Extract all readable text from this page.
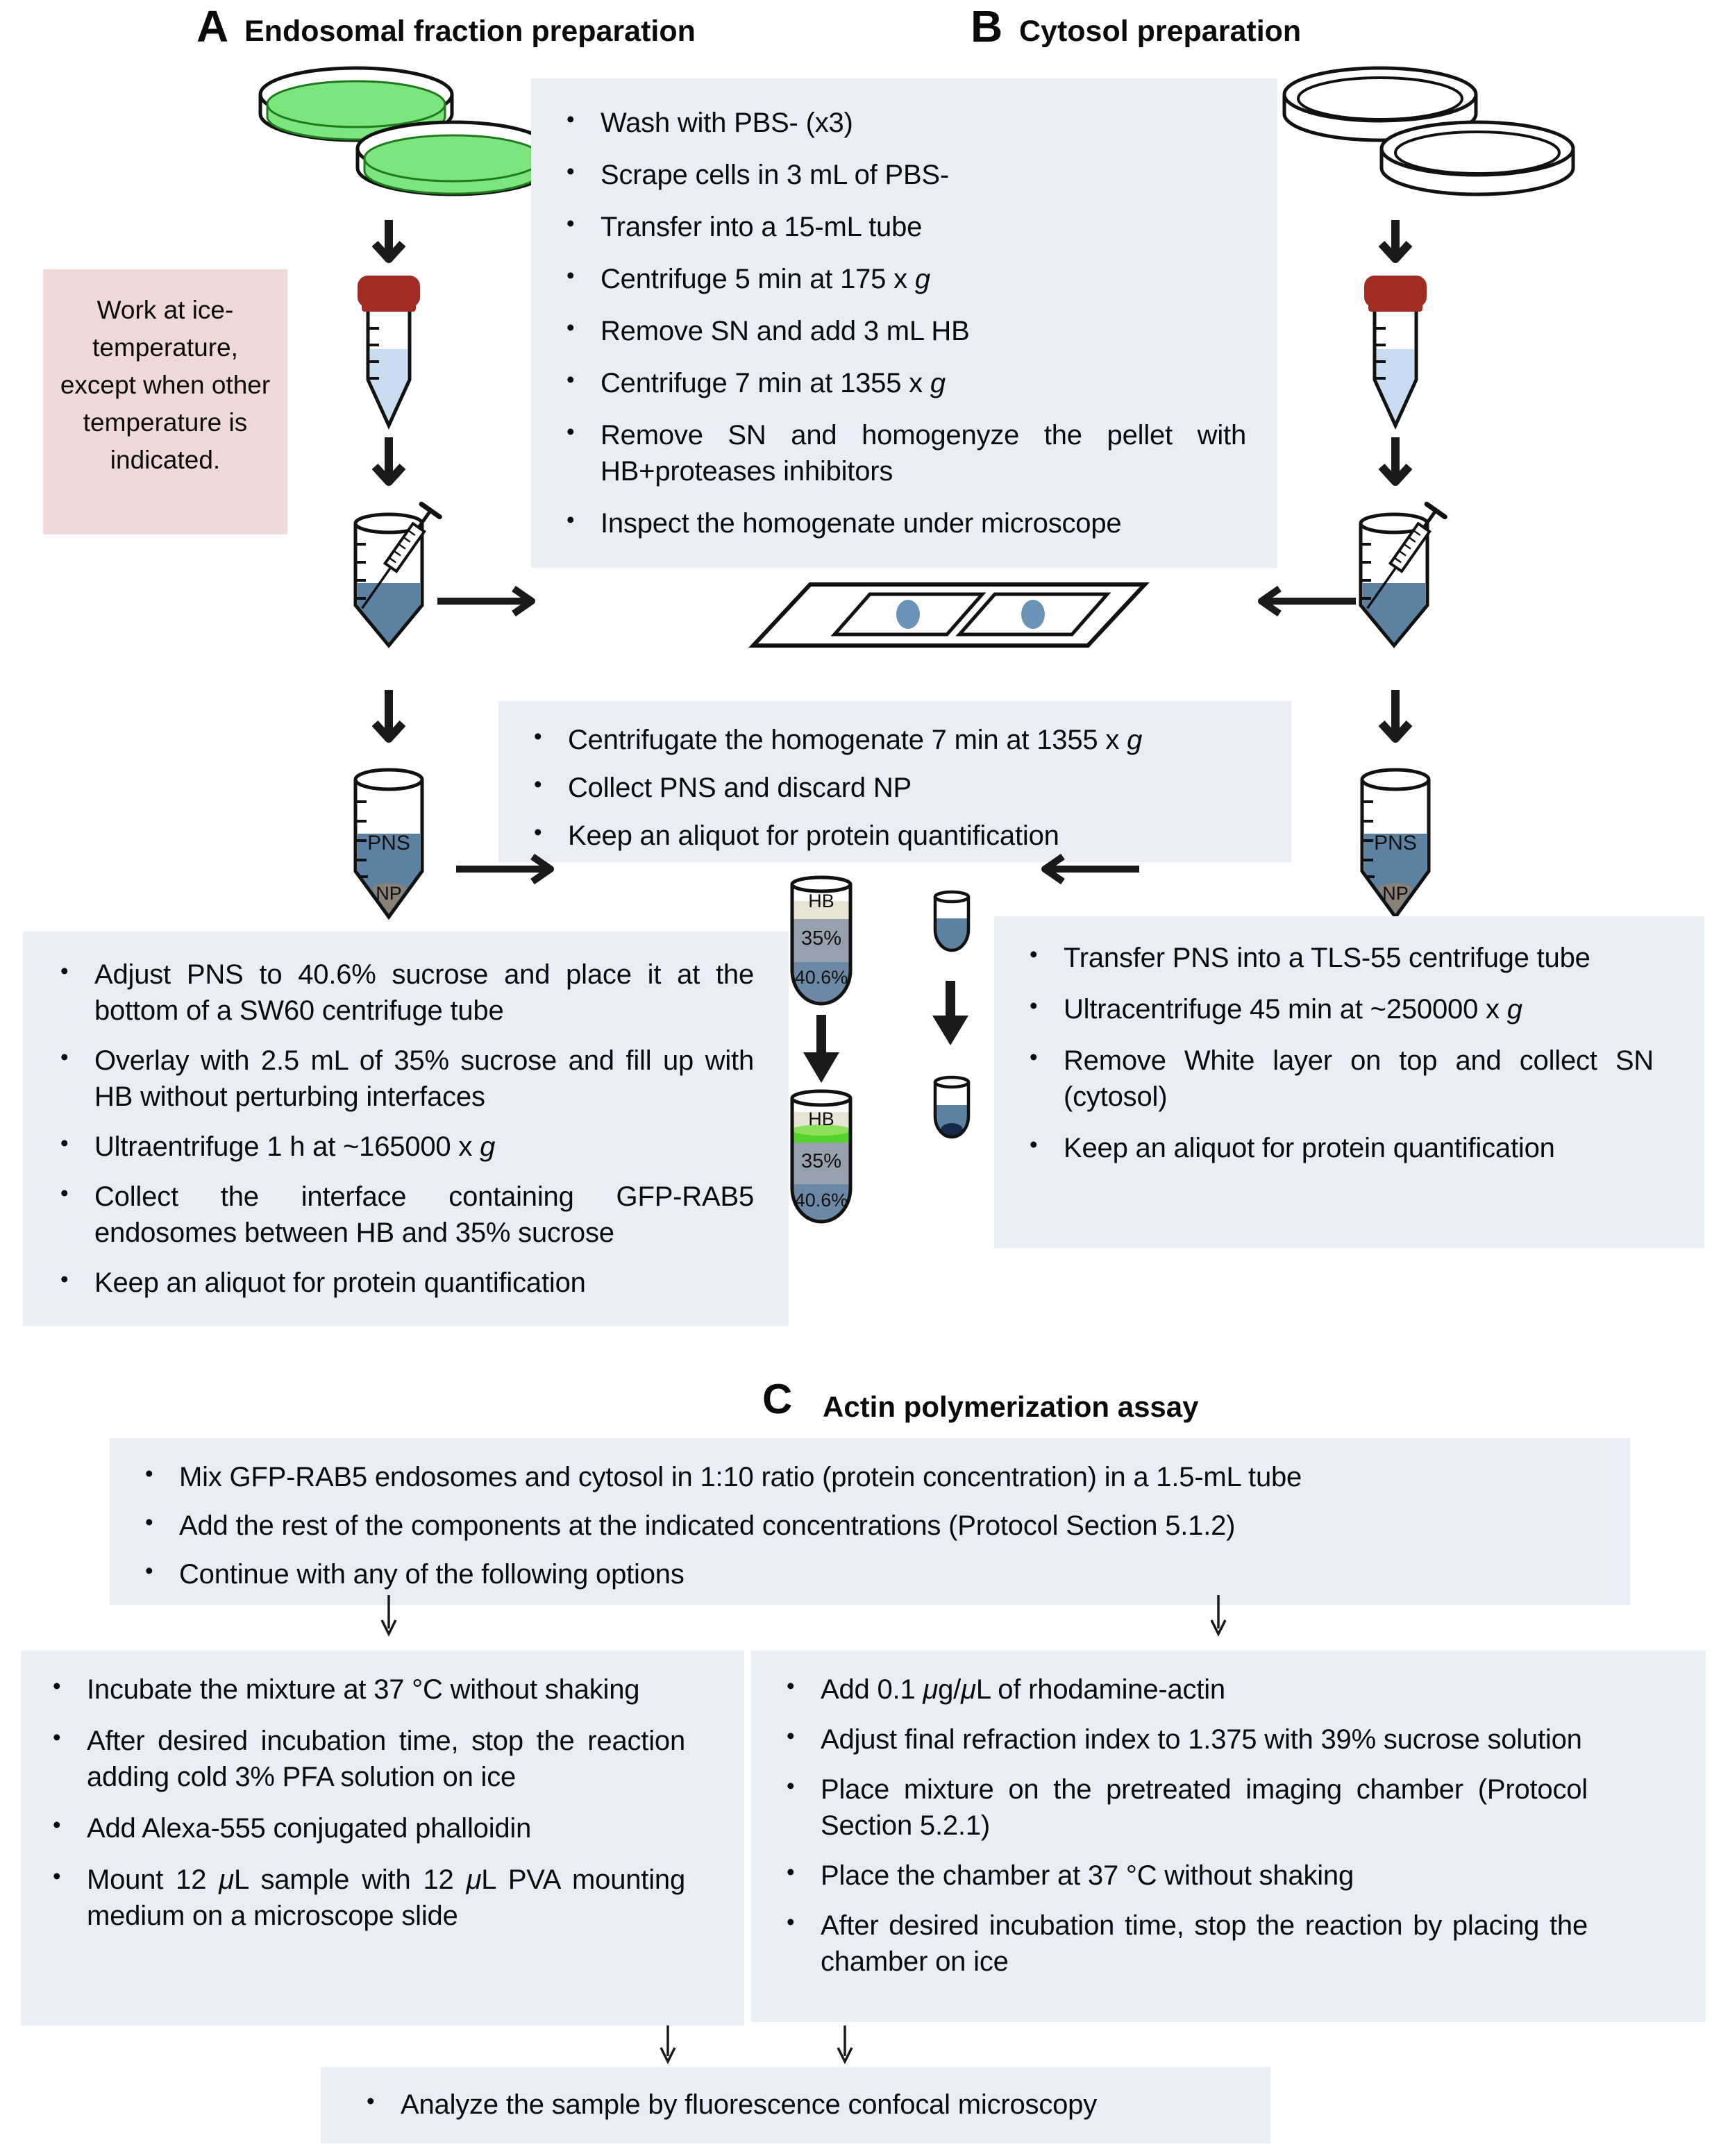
A Endosomal fraction preparation	B Cytosol preparation
Work at ice-temperature, except when other temperature is indicated.
• Wash with PBS- (x3)
• Scrape cells in 3 mL of PBS-
• Transfer into a 15-mL tube
• Centrifuge 5 min at 175 x g
• Remove SN and add 3 mL HB
• Centrifuge 7 min at 1355 x g
• Remove SN and homogenyze the pellet with HB+proteases inhibitors
• Inspect the homogenate under microscope
• Centrifugate the homogenate 7 min at 1355 x g
• Collect PNS and discard NP
• Keep an aliquot for protein quantification
PNS
NP
PNS
NP
HB
35%
40.6%
• Adjust PNS to 40.6% sucrose and place it at the bottom of a SW60 centrifuge tube
• Overlay with 2.5 mL of 35% sucrose and fill up with HB without perturbing interfaces
• Ultraentrifuge 1 h at ~165000 x g
• Collect the interface containing GFP-RAB5 endosomes between HB and 35% sucrose
• Keep an aliquot for protein quantification
• Transfer PNS into a TLS-55 centrifuge tube
• Ultracentrifuge 45 min at ~250000 x g
• Remove White layer on top and collect SN (cytosol)
• Keep an aliquot for protein quantification
HB
35%
40.6%
C Actin polymerization assay
• Mix GFP-RAB5 endosomes and cytosol in 1:10 ratio (protein concentration) in a 1.5-mL tube
• Add the rest of the components at the indicated concentrations (Protocol Section 5.1.2)
• Continue with any of the following options
• Incubate the mixture at 37 °C without shaking
• After desired incubation time, stop the reaction adding cold 3% PFA solution on ice
• Add Alexa-555 conjugated phalloidin
• Mount 12 μL sample with 12 μL PVA mounting medium on a microscope slide
• Add 0.1 μg/μL of rhodamine-actin
• Adjust final refraction index to 1.375 with 39% sucrose solution
• Place mixture on the pretreated imaging chamber (Protocol Section 5.2.1)
• Place the chamber at 37 °C without shaking
• After desired incubation time, stop the reaction by placing the chamber on ice
• Analyze the sample by fluorescence confocal microscopy
